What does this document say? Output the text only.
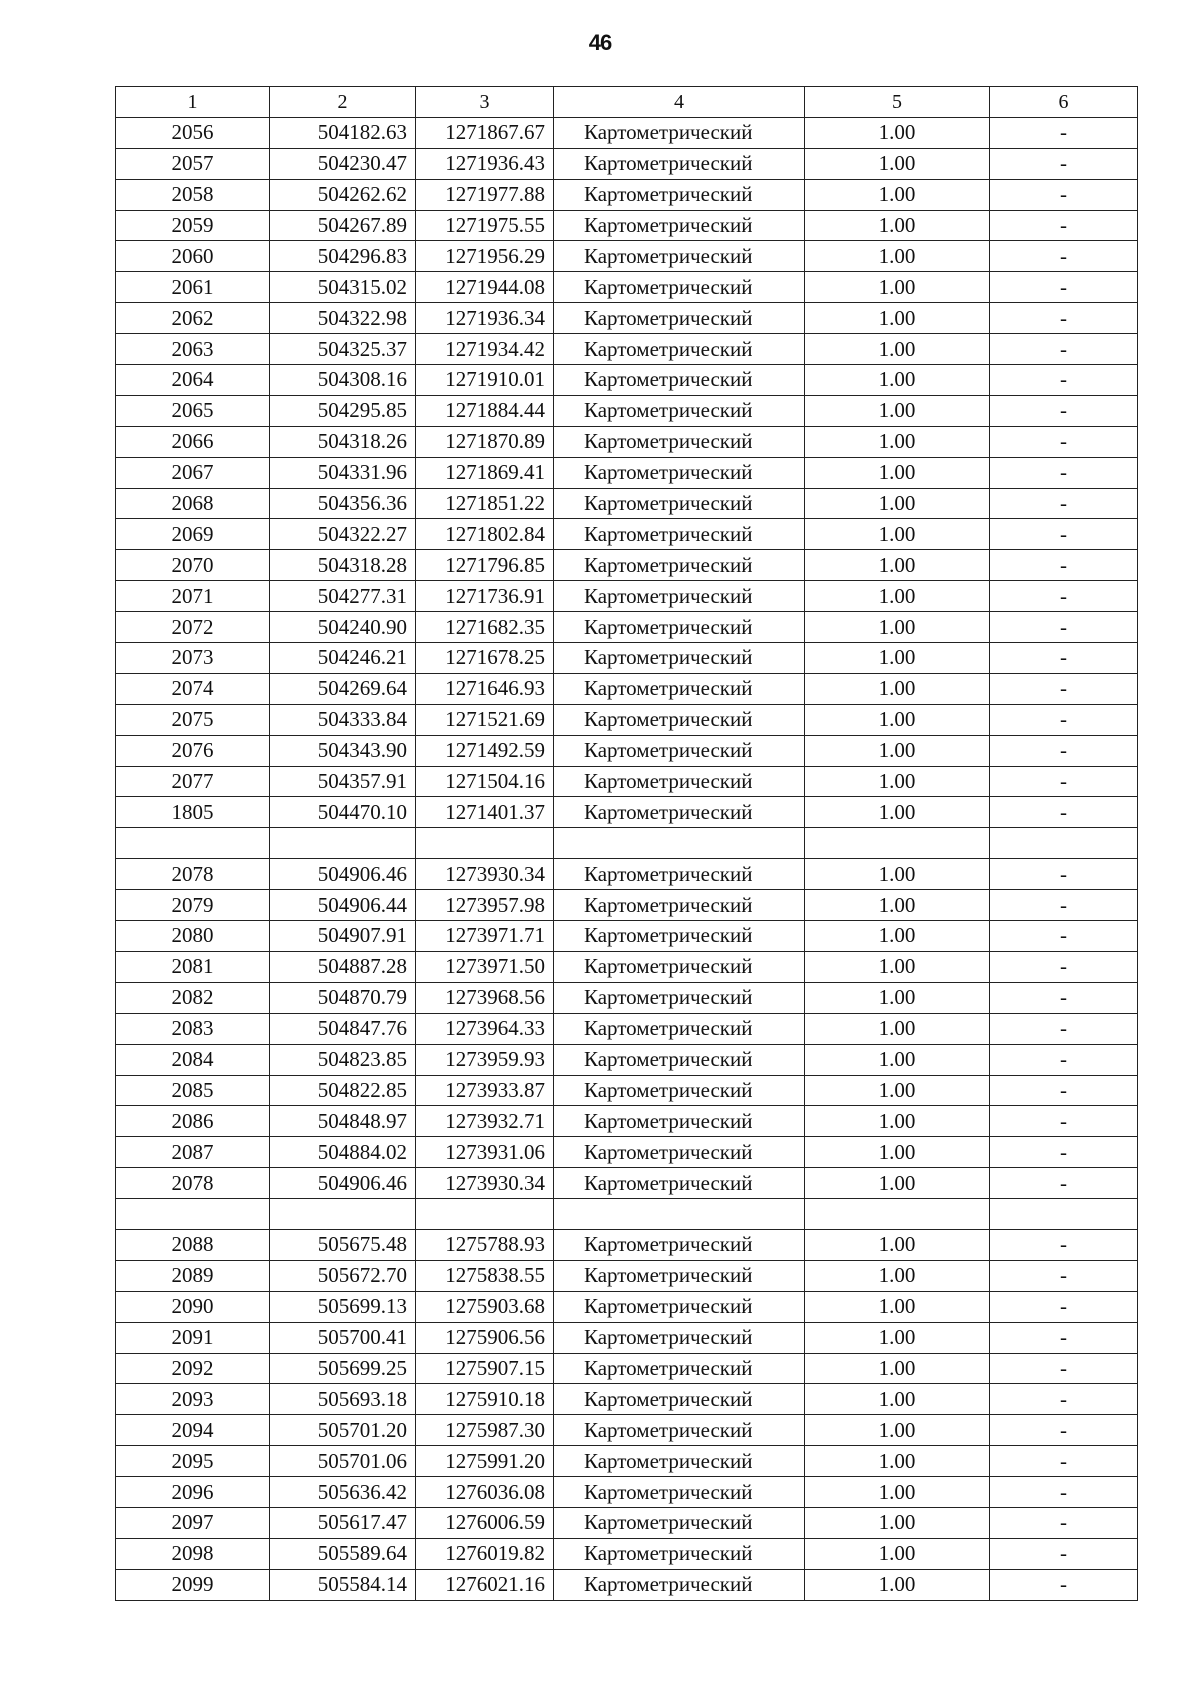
46
1	2	3	4	5	6
2056	504182.63	1271867.67	Картометрический	1.00	-
2057	504230.47	1271936.43	Картометрический	1.00	-
2058	504262.62	1271977.88	Картометрический	1.00	-
2059	504267.89	1271975.55	Картометрический	1.00	-
2060	504296.83	1271956.29	Картометрический	1.00	-
2061	504315.02	1271944.08	Картометрический	1.00	-
2062	504322.98	1271936.34	Картометрический	1.00	-
2063	504325.37	1271934.42	Картометрический	1.00	-
2064	504308.16	1271910.01	Картометрический	1.00	-
2065	504295.85	1271884.44	Картометрический	1.00	-
2066	504318.26	1271870.89	Картометрический	1.00	-
2067	504331.96	1271869.41	Картометрический	1.00	-
2068	504356.36	1271851.22	Картометрический	1.00	-
2069	504322.27	1271802.84	Картометрический	1.00	-
2070	504318.28	1271796.85	Картометрический	1.00	-
2071	504277.31	1271736.91	Картометрический	1.00	-
2072	504240.90	1271682.35	Картометрический	1.00	-
2073	504246.21	1271678.25	Картометрический	1.00	-
2074	504269.64	1271646.93	Картометрический	1.00	-
2075	504333.84	1271521.69	Картометрический	1.00	-
2076	504343.90	1271492.59	Картометрический	1.00	-
2077	504357.91	1271504.16	Картометрический	1.00	-
1805	504470.10	1271401.37	Картометрический	1.00	-

2078	504906.46	1273930.34	Картометрический	1.00	-
2079	504906.44	1273957.98	Картометрический	1.00	-
2080	504907.91	1273971.71	Картометрический	1.00	-
2081	504887.28	1273971.50	Картометрический	1.00	-
2082	504870.79	1273968.56	Картометрический	1.00	-
2083	504847.76	1273964.33	Картометрический	1.00	-
2084	504823.85	1273959.93	Картометрический	1.00	-
2085	504822.85	1273933.87	Картометрический	1.00	-
2086	504848.97	1273932.71	Картометрический	1.00	-
2087	504884.02	1273931.06	Картометрический	1.00	-
2078	504906.46	1273930.34	Картометрический	1.00	-

2088	505675.48	1275788.93	Картометрический	1.00	-
2089	505672.70	1275838.55	Картометрический	1.00	-
2090	505699.13	1275903.68	Картометрический	1.00	-
2091	505700.41	1275906.56	Картометрический	1.00	-
2092	505699.25	1275907.15	Картометрический	1.00	-
2093	505693.18	1275910.18	Картометрический	1.00	-
2094	505701.20	1275987.30	Картометрический	1.00	-
2095	505701.06	1275991.20	Картометрический	1.00	-
2096	505636.42	1276036.08	Картометрический	1.00	-
2097	505617.47	1276006.59	Картометрический	1.00	-
2098	505589.64	1276019.82	Картометрический	1.00	-
2099	505584.14	1276021.16	Картометрический	1.00	-
